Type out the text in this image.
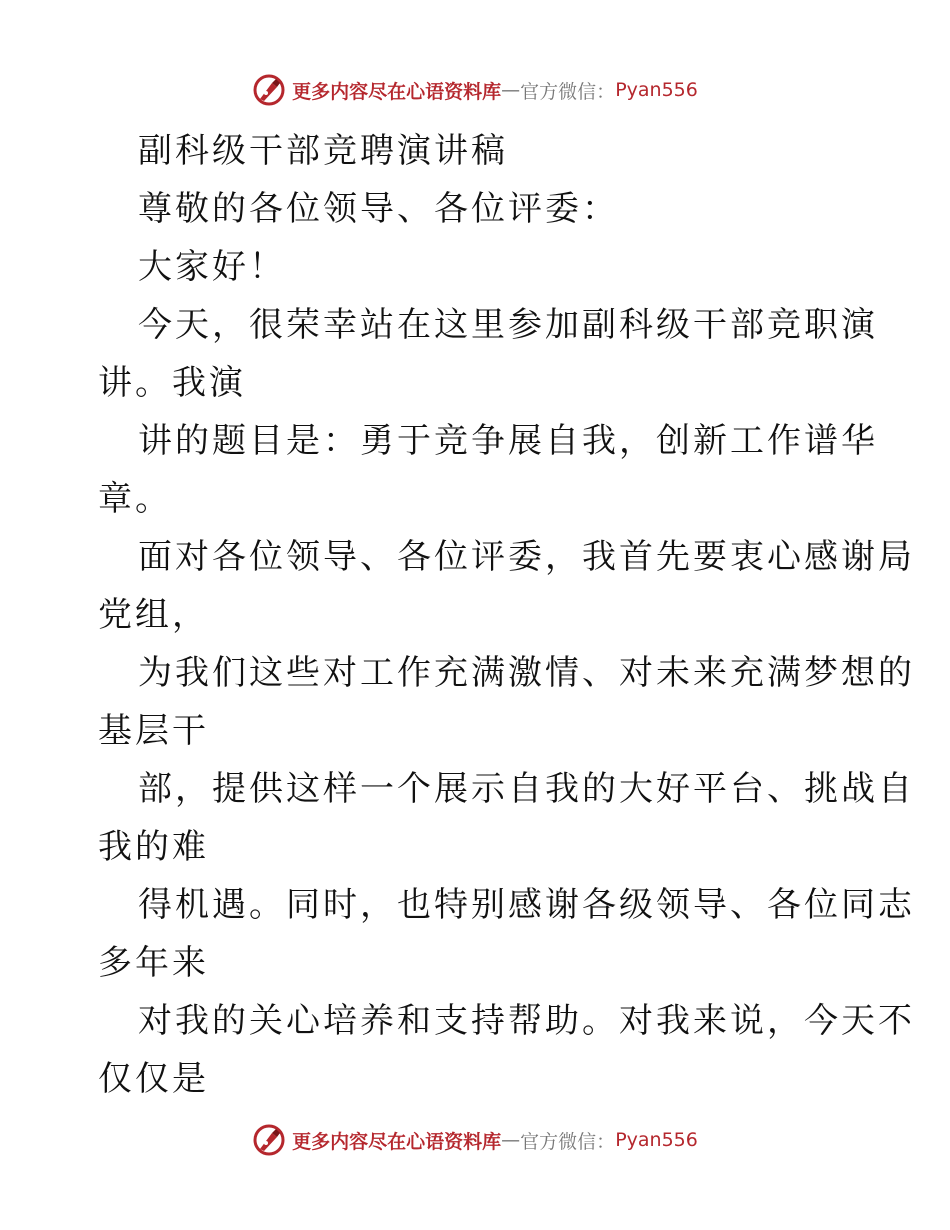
更多内容尽在心语资料库 — 官方微信： Pyan556
副科级干部竞聘演讲稿
尊敬的各位领导、各位评委：
大家好！
今天，很荣幸站在这里参加副科级干部竞职演
讲。我演
讲的题目是：勇于竞争展自我，创新工作谱华
章。
面对各位领导、各位评委，我首先要衷心感谢局
党组，
为我们这些对工作充满激情、对未来充满梦想的
基层干
部，提供这样一个展示自我的大好平台、挑战自
我的难
得机遇。同时，也特别感谢各级领导、各位同志
多年来
对我的关心培养和支持帮助。对我来说，今天不
仅仅是
更多内容尽在心语资料库 — 官方微信： Pyan556
